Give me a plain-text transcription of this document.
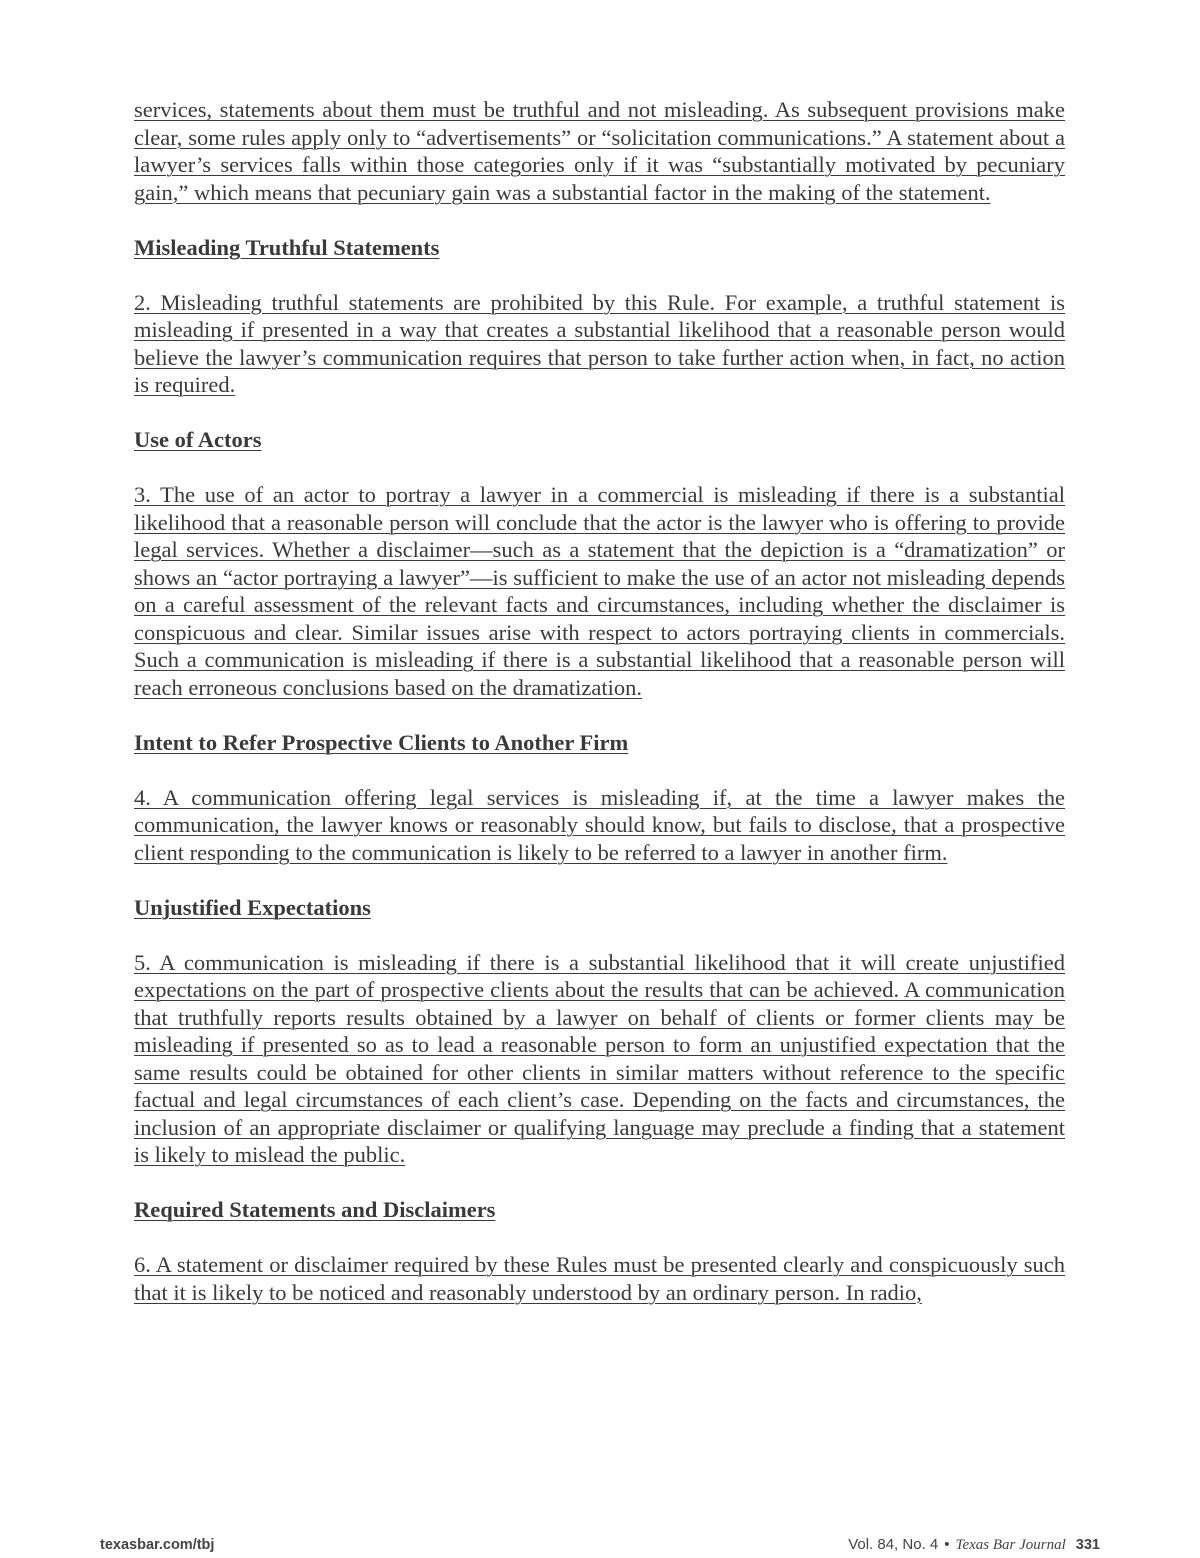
services, statements about them must be truthful and not misleading. As subsequent provisions make clear, some rules apply only to “advertisements” or “solicitation communications.” A statement about a lawyer’s services falls within those categories only if it was “substantially motivated by pecuniary gain,” which means that pecuniary gain was a substantial factor in the making of the statement.

Misleading Truthful Statements

2. Misleading truthful statements are prohibited by this Rule. For example, a truthful statement is misleading if presented in a way that creates a substantial likelihood that a reasonable person would believe the lawyer’s communication requires that person to take further action when, in fact, no action is required.

Use of Actors

3. The use of an actor to portray a lawyer in a commercial is misleading if there is a substantial likelihood that a reasonable person will conclude that the actor is the lawyer who is offering to provide legal services. Whether a disclaimer—such as a statement that the depiction is a “dramatization” or shows an “actor portraying a lawyer”—is sufficient to make the use of an actor not misleading depends on a careful assessment of the relevant facts and circumstances, including whether the disclaimer is conspicuous and clear. Similar issues arise with respect to actors portraying clients in commercials. Such a communication is misleading if there is a substantial likelihood that a reasonable person will reach erroneous conclusions based on the dramatization.

Intent to Refer Prospective Clients to Another Firm

4. A communication offering legal services is misleading if, at the time a lawyer makes the communication, the lawyer knows or reasonably should know, but fails to disclose, that a prospective client responding to the communication is likely to be referred to a lawyer in another firm.

Unjustified Expectations

5. A communication is misleading if there is a substantial likelihood that it will create unjustified expectations on the part of prospective clients about the results that can be achieved. A communication that truthfully reports results obtained by a lawyer on behalf of clients or former clients may be misleading if presented so as to lead a reasonable person to form an unjustified expectation that the same results could be obtained for other clients in similar matters without reference to the specific factual and legal circumstances of each client’s case. Depending on the facts and circumstances, the inclusion of an appropriate disclaimer or qualifying language may preclude a finding that a statement is likely to mislead the public.

Required Statements and Disclaimers

6. A statement or disclaimer required by these Rules must be presented clearly and conspicuously such that it is likely to be noticed and reasonably understood by an ordinary person. In radio,

texasbar.com/tbj	Vol. 84, No. 4 • Texas Bar Journal 331
